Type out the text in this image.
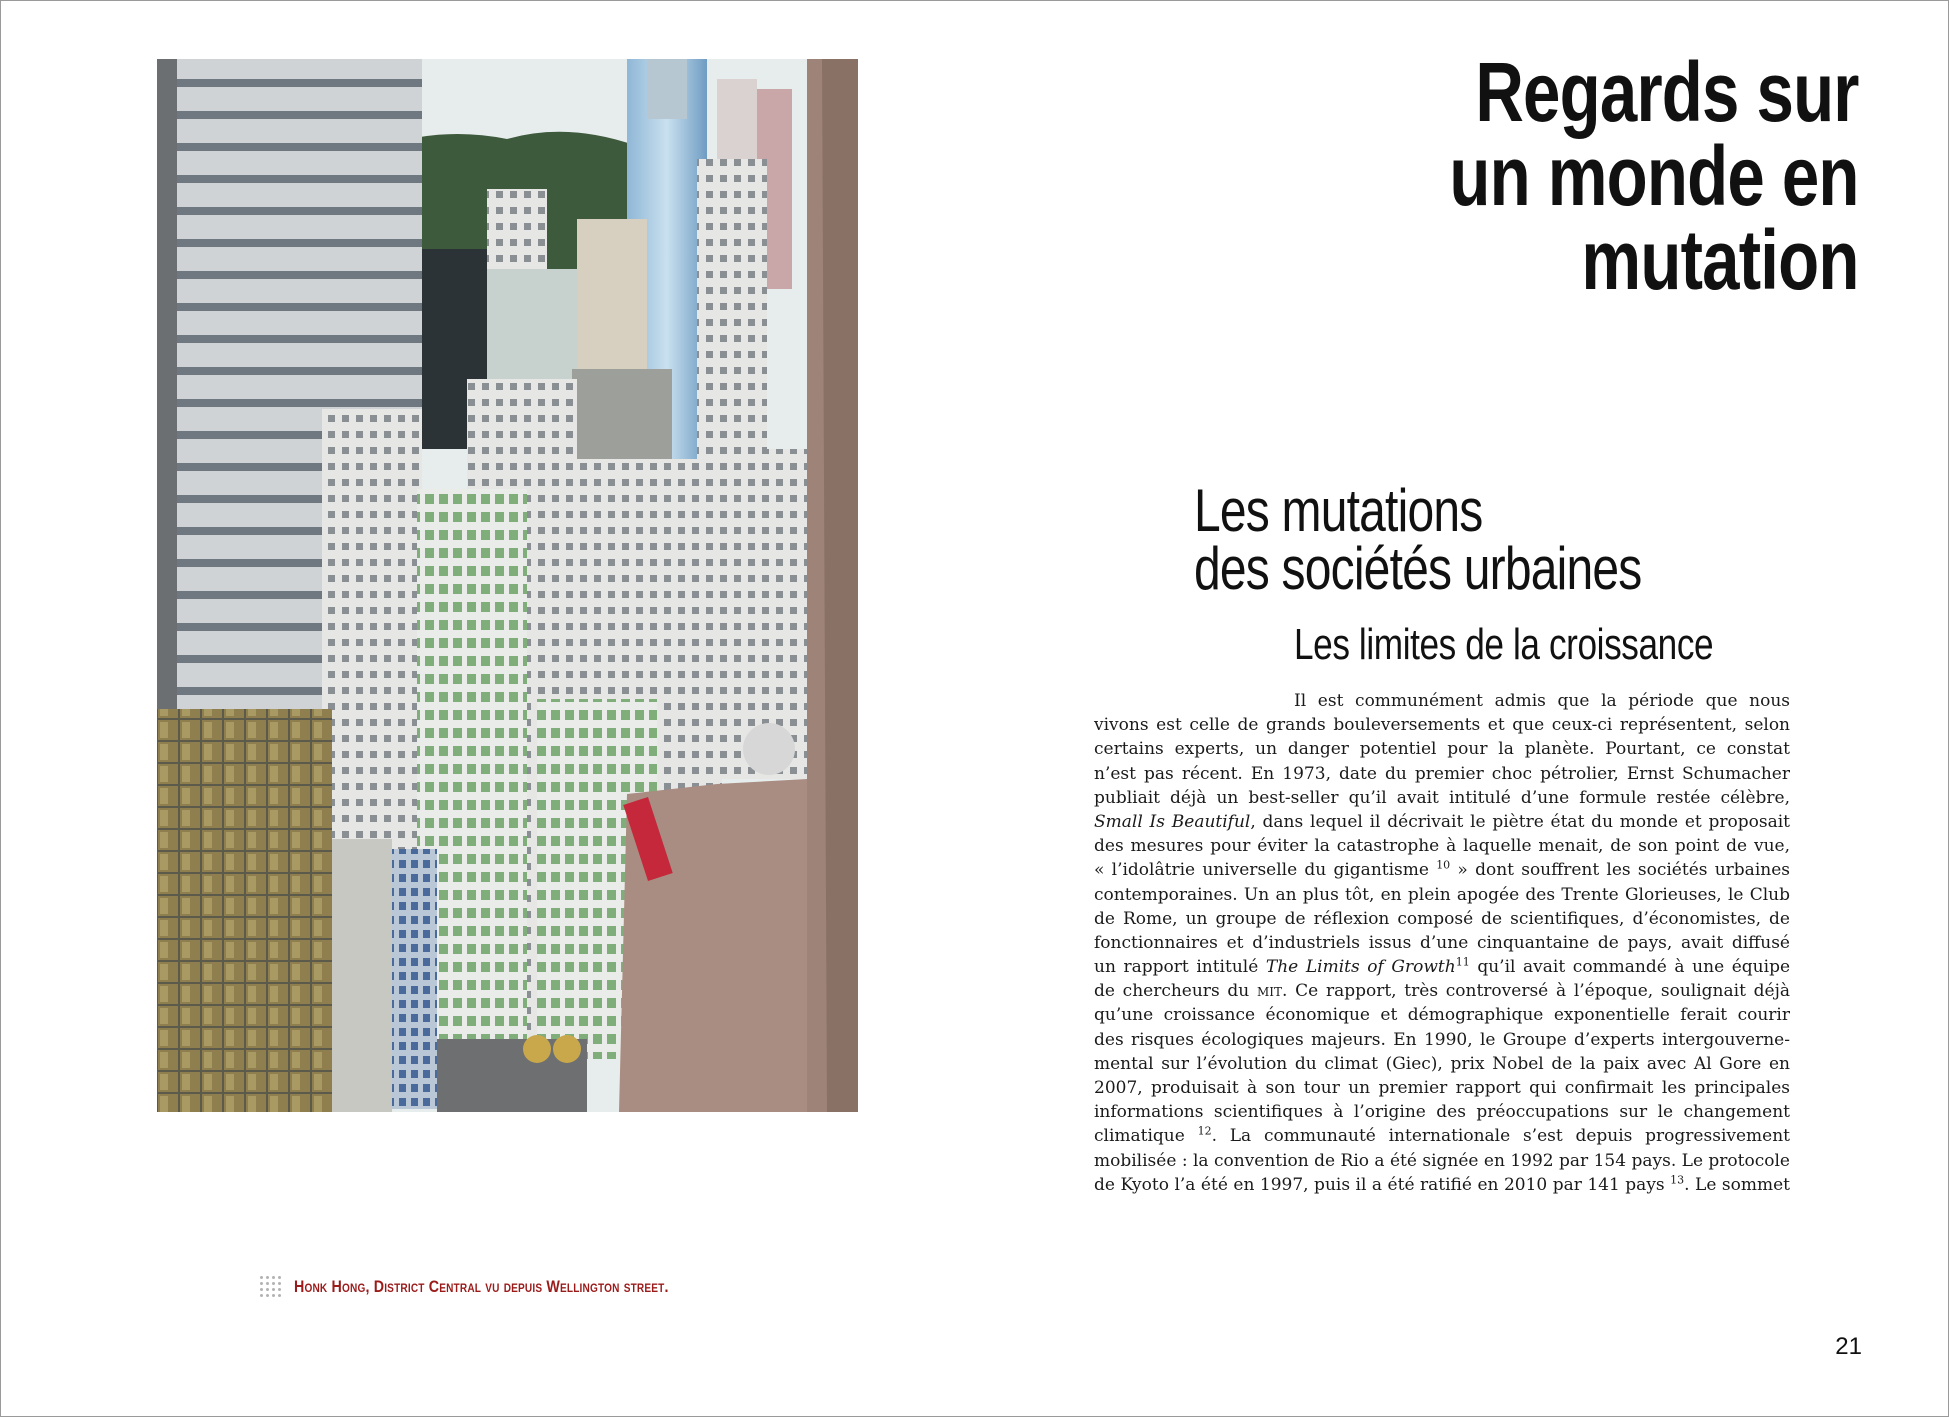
Honk Hong, District Central vu depuis Wellington street.
Regards sur
un monde en
mutation
Les mutations
des sociétés urbaines
Les limites de la croissance
Il est communément admis que la période que nous
vivons est celle de grands bouleversements et que ceux-ci représentent, selon
certains experts, un danger potentiel pour la planète. Pourtant, ce constat
n’est pas récent. En 1973, date du premier choc pétrolier, Ernst Schumacher
publiait déjà un best-seller qu’il avait intitulé d’une formule restée célèbre,
Small Is Beautiful, dans lequel il décrivait le piètre état du monde et proposait
des mesures pour éviter la catastrophe à laquelle menait, de son point de vue,
« l’idolâtrie universelle du gigantisme $^{10}$ » dont souffrent les sociétés urbaines
contemporaines. Un an plus tôt, en plein apogée des Trente Glorieuses, le Club
de Rome, un groupe de réflexion composé de scientifiques, d’économistes, de
fonctionnaires et d’industriels issus d’une cinquantaine de pays, avait diffusé
un rapport intitulé The Limits of Growth$^{11}$ qu’il avait commandé à une équipe
de chercheurs du mit. Ce rapport, très controversé à l’époque, soulignait déjà
qu’une croissance économique et démographique exponentielle ferait courir
des risques écologiques majeurs. En 1990, le Groupe d’experts intergouverne-
mental sur l’évolution du climat (Giec), prix Nobel de la paix avec Al Gore en
2007, produisait à son tour un premier rapport qui confirmait les principales
informations scientifiques à l’origine des préoccupations sur le changement
climatique $^{12}$. La communauté internationale s’est depuis progressivement
mobilisée : la convention de Rio a été signée en 1992 par 154 pays. Le protocole
de Kyoto l’a été en 1997, puis il a été ratifié en 2010 par 141 pays $^{13}$. Le sommet
21
